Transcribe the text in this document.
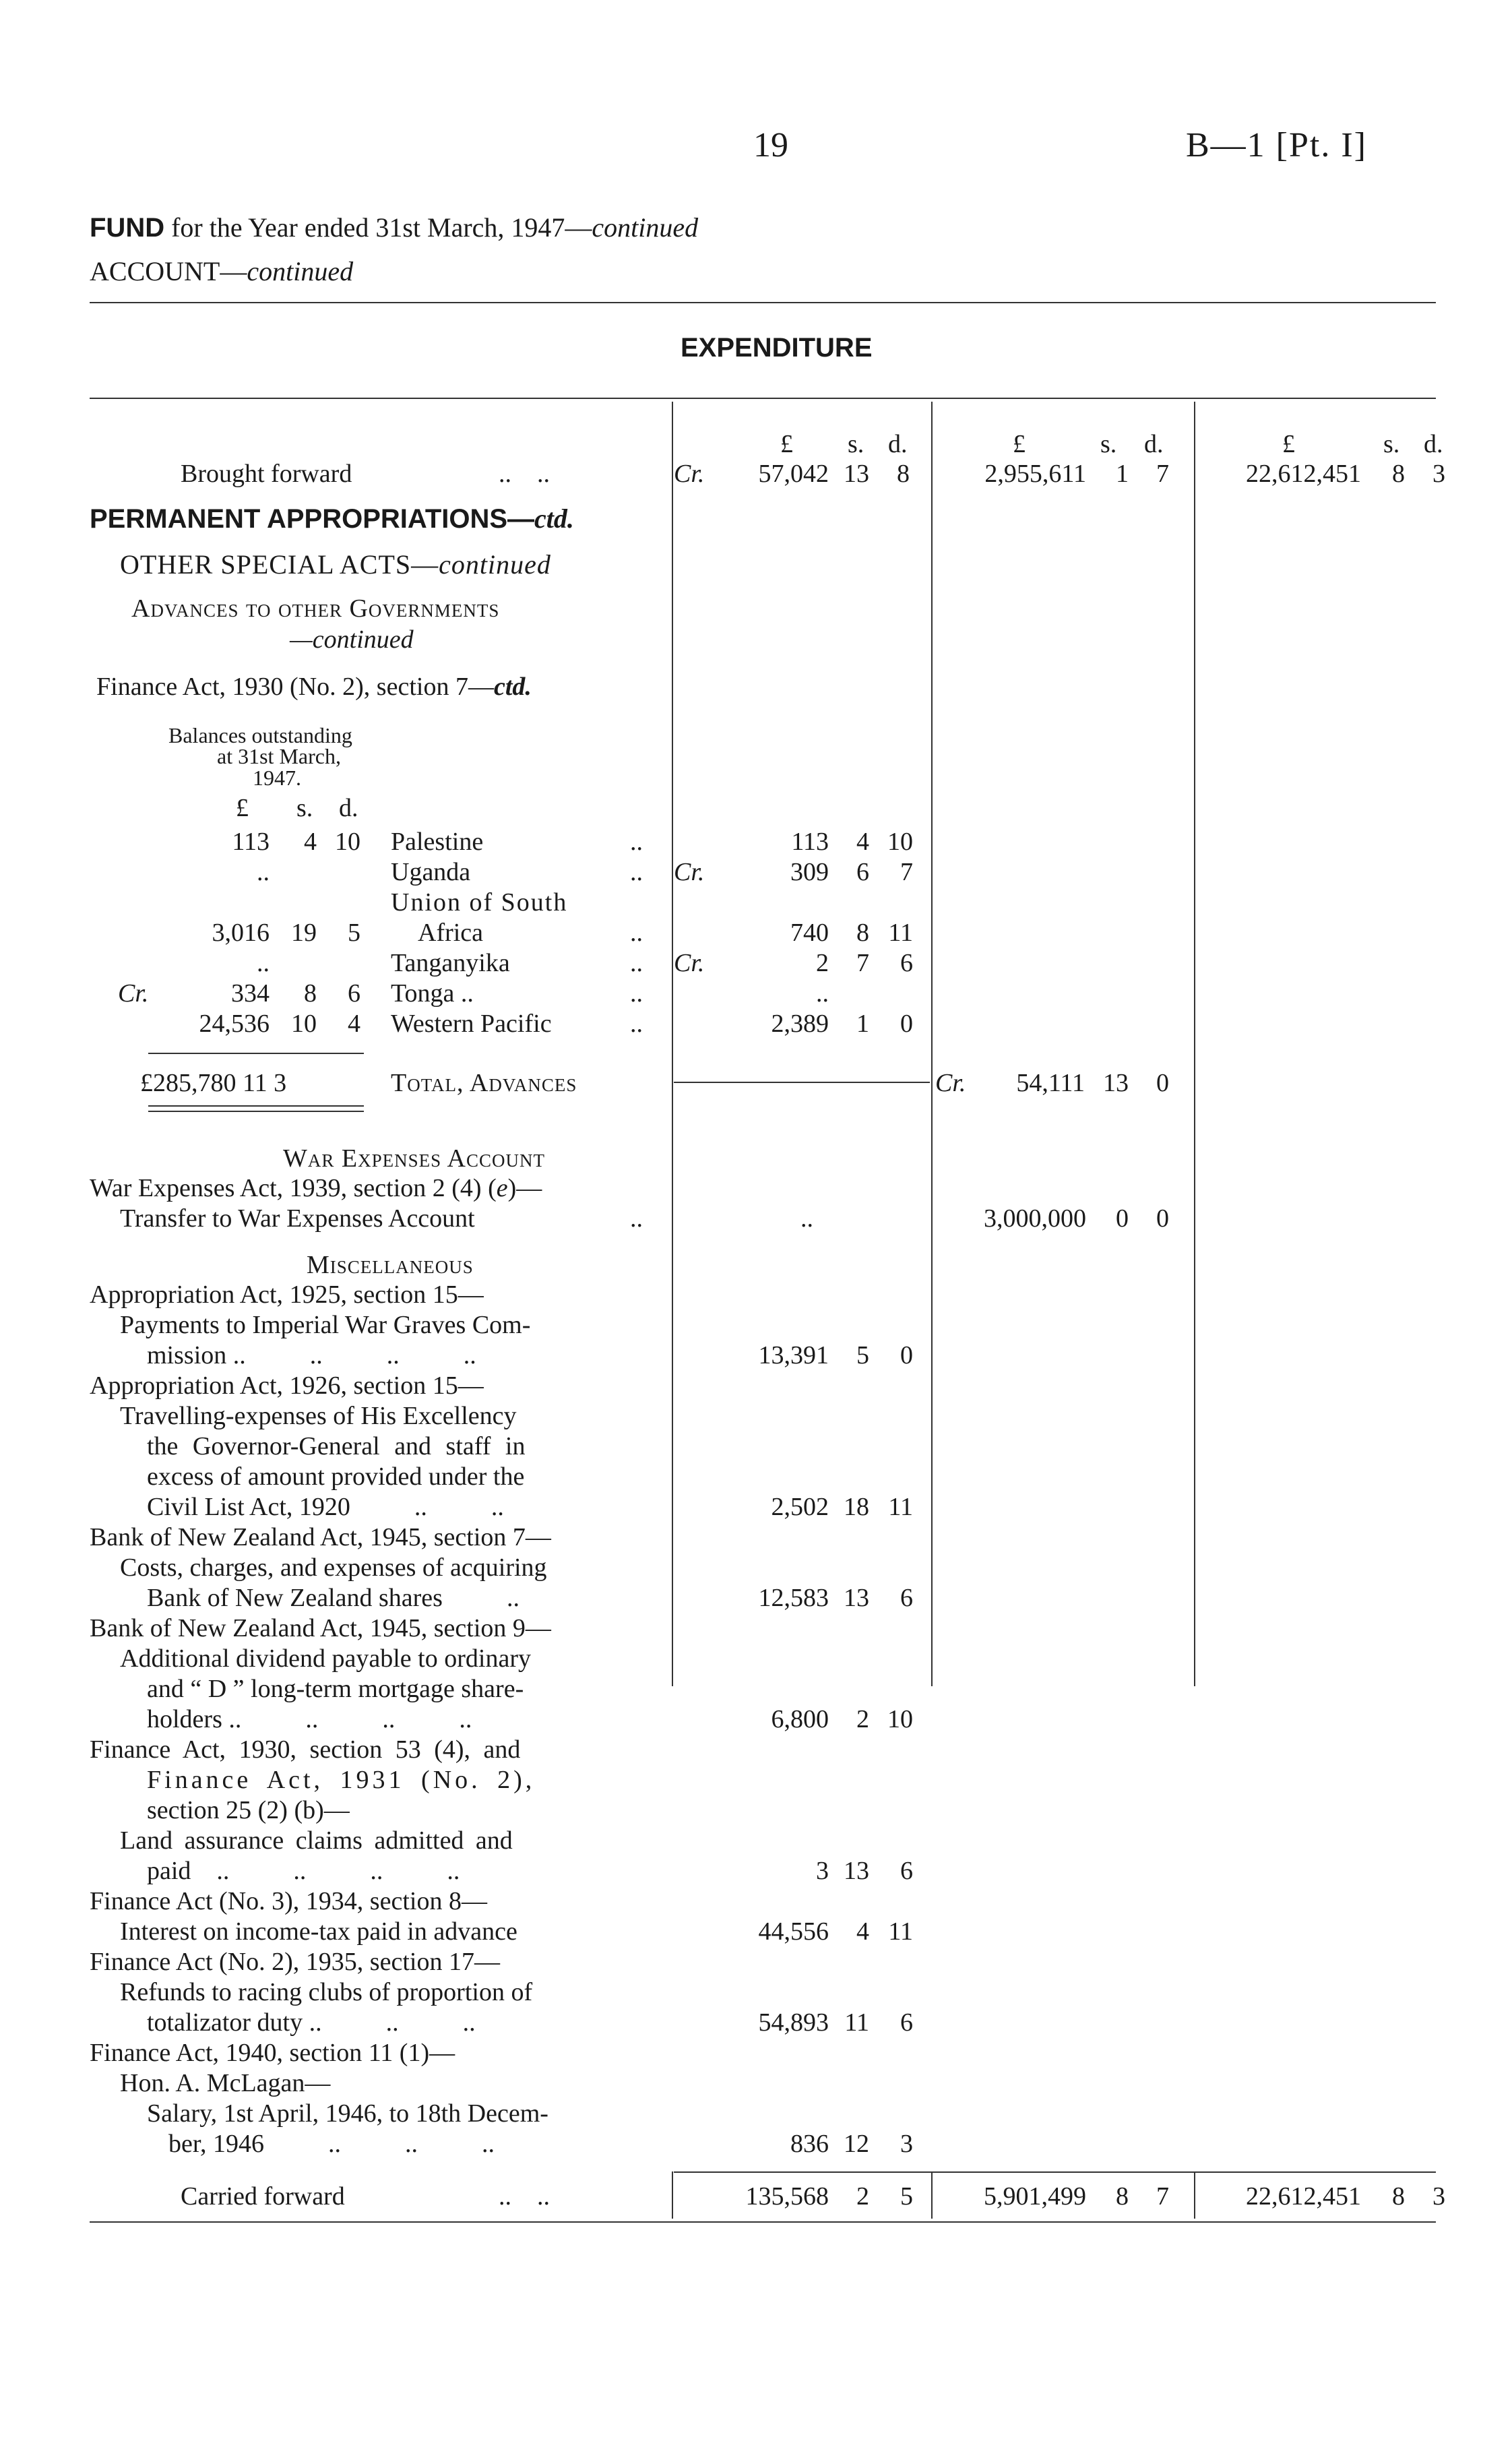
19	B—1 [Pt. I]
FUND for the Year ended 31st March, 1947—continued
ACCOUNT—continued
EXPENDITURE
£ s. d.	£	s. d.	£	s. d.
Brought forward	..    ..	Cr.	57,042 13	8	2,955,611	1	7	22,612,451	8	3
PERMANENT APPROPRIATIONS—ctd.
OTHER SPECIAL ACTS—continued
Advances to other Governments
—continued
Finance Act, 1930 (No. 2), section 7—ctd.
Balances outstanding
at 31st March,
1947.
£ s. d.
113	4 10 Palestine	..	113	4 10
..	Uganda	.. Cr.	309	6	7
Union of South
3,016 19	5 Africa	..	740	8 11
..	Tanganyika	.. Cr.	2	7	6
Cr.	334	8	6 Tonga ..	..	..
24,536 10	4 Western Pacific	..	2,389	1	0
£285,780 11 3	Total, Advances	Cr.	54,111 13	0
War Expenses Account
War Expenses Act, 1939, section 2 (4) (e)—
Transfer to War Expenses Account	..	..	3,000,000	0	0
Miscellaneous
Appropriation Act, 1925, section 15—
Payments to Imperial War Graves Com-
mission ..          ..          ..          ..	13,391	5	0
Appropriation Act, 1926, section 15—
Travelling-expenses of His Excellency
the Governor-General and staff in
excess of amount provided under the
Civil List Act, 1920          ..          ..	2,502 18 11
Bank of New Zealand Act, 1945, section 7—
Costs, charges, and expenses of acquiring
Bank of New Zealand shares          ..	12,583 13	6
Bank of New Zealand Act, 1945, section 9—
Additional dividend payable to ordinary
and “ D ” long-term mortgage share-
holders ..          ..          ..          ..	6,800	2 10
Finance Act, 1930, section 53 (4), and
Finance Act, 1931 (No. 2),
section 25 (2) (b)—
Land assurance claims admitted and
paid    ..          ..          ..          ..	3 13	6
Finance Act (No. 3), 1934, section 8—
Interest on income-tax paid in advance	44,556	4 11
Finance Act (No. 2), 1935, section 17—
Refunds to racing clubs of proportion of
totalizator duty ..          ..          ..	54,893 11	6
Finance Act, 1940, section 11 (1)—
Hon. A. McLagan—
Salary, 1st April, 1946, to 18th Decem-
ber, 1946          ..          ..          ..	836 12	3
Carried forward	..    ..	135,568	2	5	5,901,499	8	7	22,612,451	8	3
